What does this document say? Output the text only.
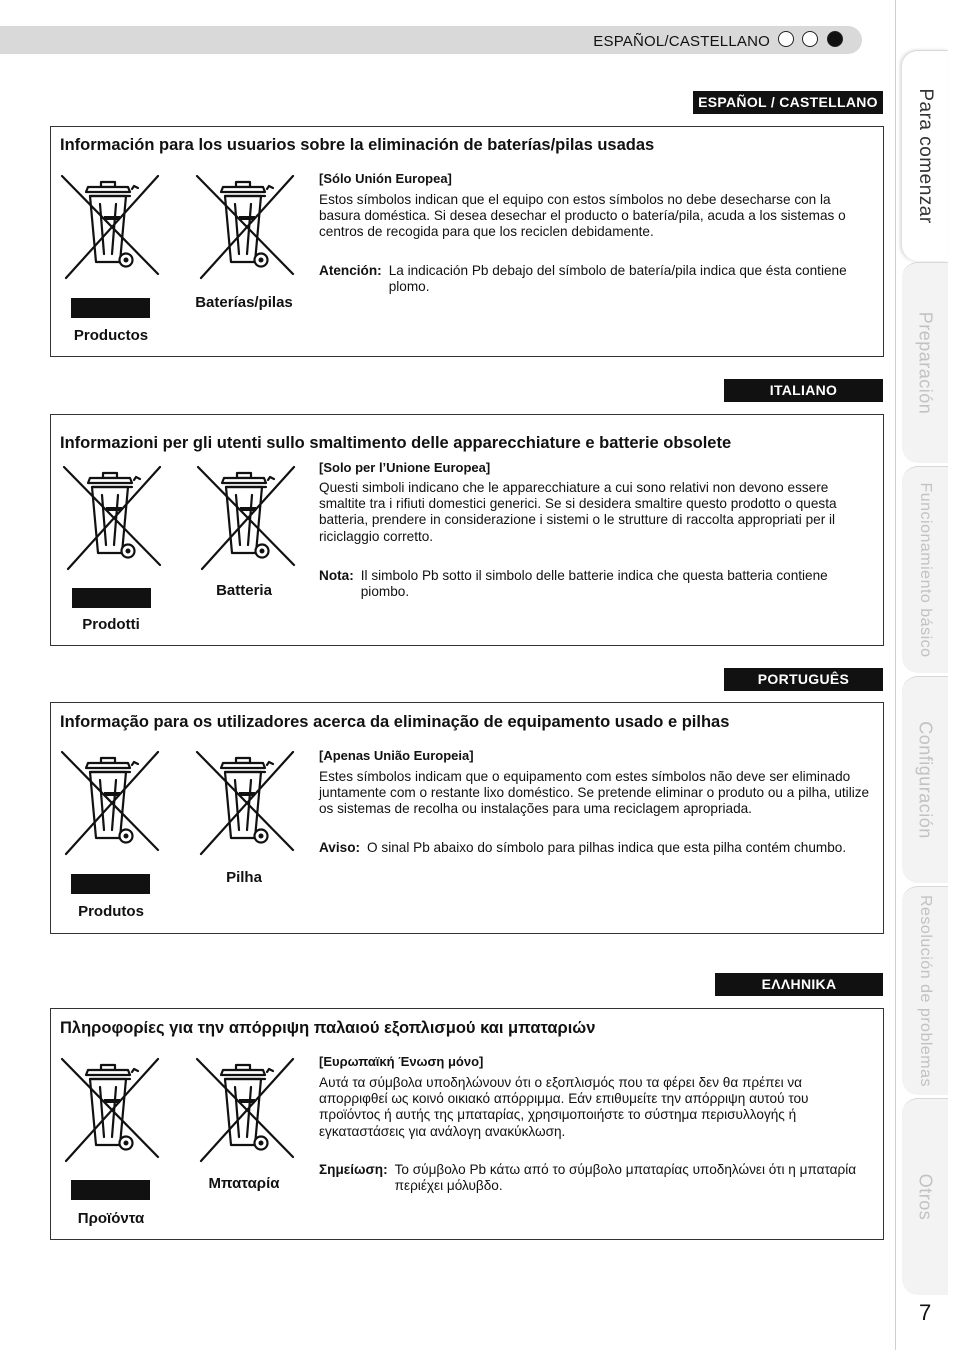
ESPAÑOL/CASTELLANO
ESPAÑOL / CASTELLANO
Información para los usuarios sobre la eliminación de baterías/pilas usadas
Productos
Baterías/pilas
[Sólo Unión Europea]
Estos símbolos indican que el equipo con estos símbolos no debe desecharse con la basura doméstica. Si desea desechar el producto o batería/pila, acuda a los sistemas o centros de recogida para que los reciclen debidamente.
Atención: La indicación Pb debajo del símbolo de batería/pila indica que ésta contiene plomo.
ITALIANO
Informazioni per gli utenti sullo smaltimento delle apparecchiature e batterie obsolete
Prodotti
Batteria
[Solo per l’Unione Europea]
Questi simboli indicano che le apparecchiature a cui sono relativi non devono essere smaltite tra i rifiuti domestici generici. Se si desidera smaltire questo prodotto o questa batteria, prendere in considerazione i sistemi o le strutture di raccolta appropriati per il riciclaggio corretto.
Nota: Il simbolo Pb sotto il simbolo delle batterie indica che questa batteria contiene piombo.
PORTUGUÊS
Informação para os utilizadores acerca da eliminação de equipamento usado e pilhas
Produtos
Pilha
[Apenas União Europeia]
Estes símbolos indicam que o equipamento com estes símbolos não deve ser eliminado juntamente com o restante lixo doméstico. Se pretende eliminar o produto ou a pilha, utilize os sistemas de recolha ou instalações para uma reciclagem apropriada.
Aviso: O sinal Pb abaixo do símbolo para pilhas indica que esta pilha contém chumbo.
ΕΛΛΗΝΙΚΑ
Πληροφορίες για την απόρριψη παλαιού εξοπλισμού και μπαταριών
Προϊόντα
Μπαταρία
[Ευρωπαϊκή Ένωση μόνο]
Αυτά τα σύμβολα υποδηλώνουν ότι ο εξοπλισμός που τα φέρει δεν θα πρέπει να απορριφθεί ως κοινό οικιακό απόρριμμα. Εάν επιθυμείτε την απόρριψη αυτού του προϊόντος ή αυτής της μπαταρίας, χρησιμοποιήστε το σύστημα περισυλλογής ή εγκαταστάσεις για ανάλογη ανακύκλωση.
Σημείωση: Το σύμβολο Pb κάτω από το σύμβολο μπαταρίας υποδηλώνει ότι η μπαταρία περιέχει μόλυβδο.
Para comenzar
Preparación
Funcionamiento básico
Configuración
Resolución de problemas
Otros
7
